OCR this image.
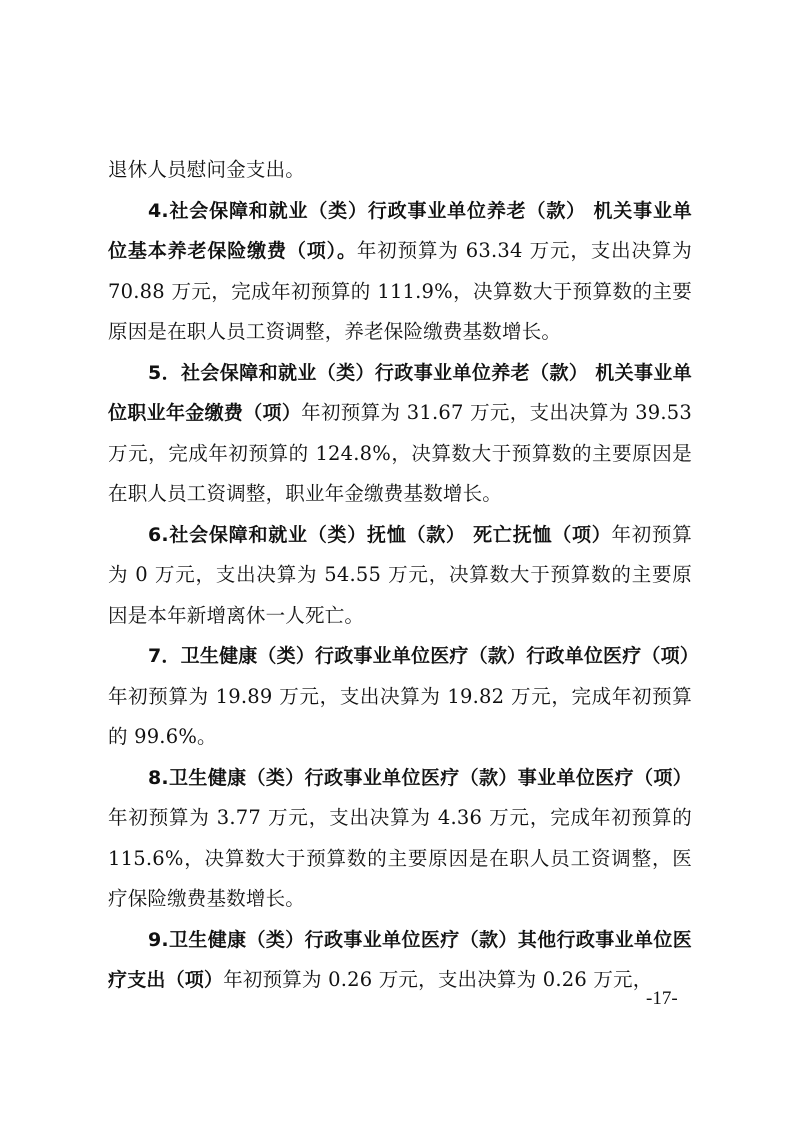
退休人员慰问金支出。

4.社会保障和就业（类）行政事业单位养老（款） 机关事业单位基本养老保险缴费（项）。年初预算为 63.34 万元，支出决算为 70.88 万元，完成年初预算的 111.9%，决算数大于预算数的主要原因是在职人员工资调整，养老保险缴费基数增长。

5．社会保障和就业（类）行政事业单位养老（款） 机关事业单位职业年金缴费（项）年初预算为 31.67 万元，支出决算为 39.53 万元，完成年初预算的 124.8%，决算数大于预算数的主要原因是在职人员工资调整，职业年金缴费基数增长。

6.社会保障和就业（类）抚恤（款） 死亡抚恤（项）年初预算为 0 万元，支出决算为 54.55 万元，决算数大于预算数的主要原因是本年新增离休一人死亡。

7．卫生健康（类）行政事业单位医疗（款）行政单位医疗（项）年初预算为 19.89 万元，支出决算为 19.82 万元，完成年初预算的 99.6%。

8.卫生健康（类）行政事业单位医疗（款）事业单位医疗（项）年初预算为 3.77 万元，支出决算为 4.36 万元，完成年初预算的 115.6%，决算数大于预算数的主要原因是在职人员工资调整，医疗保险缴费基数增长。

9.卫生健康（类）行政事业单位医疗（款）其他行政事业单位医疗支出（项）年初预算为 0.26 万元，支出决算为 0.26 万元，

-17-
